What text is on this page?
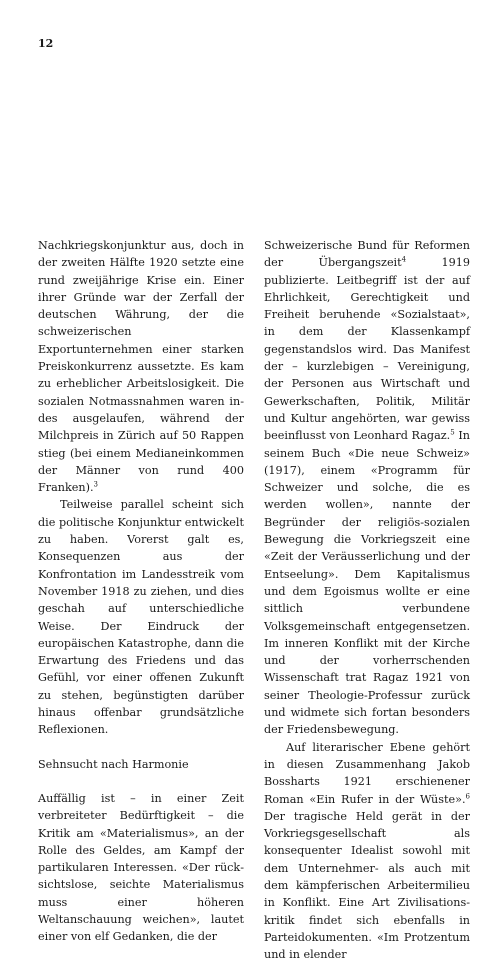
12

Nachkriegskonjunktur aus, doch in der zweiten Hälfte 1920 setzte eine rund zweijährige Krise ein. Einer ihrer Gründe war der Zerfall der deutschen Währung, der die schweizerischen Exportunternehmen einer starken Preiskonkurrenz aussetzte. Es kam zu erheblicher Arbeitslosigkeit. Die sozialen Notmassnahmen waren indes ausgelaufen, während der Milchpreis in Zürich auf 50 Rappen stieg (bei einem Medianeinkommen der Männer von rund 400 Franken).$^3$

Teilweise parallel scheint sich die politische Konjunktur entwickelt zu haben. Vorerst galt es, Konsequenzen aus der Konfrontation im Landesstreik vom November 1918 zu ziehen, und dies geschah auf unterschiedliche Weise. Der Eindruck der europäischen Katastrophe, dann die Erwartung des Friedens und das Gefühl, vor einer offenen Zukunft zu stehen, begünstigten darüber hinaus offenbar grundsätzliche Reflexionen.

Sehnsucht nach Harmonie

Auffällig ist – in einer Zeit verbreiteter Bedürftigkeit – die Kritik am «Materialismus», an der Rolle des Geldes, am Kampf der partikularen Interessen. «Der rücksichtslose, seichte Materialismus muss einer höheren Weltanschauung weichen», lautet einer von elf Gedanken, die der

Schweizerische Bund für Reformen der Übergangszeit$^4$ 1919 publizierte. Leitbegriff ist der auf Ehrlichkeit, Gerechtigkeit und Freiheit beruhende «Sozialstaat», in dem der Klassenkampf gegenstandslos wird. Das Manifest der – kurzlebigen – Vereinigung, der Personen aus Wirtschaft und Gewerkschaften, Politik, Militär und Kultur angehörten, war gewiss beeinflusst von Leonhard Ragaz.$^5$ In seinem Buch «Die neue Schweiz» (1917), einem «Programm für Schweizer und solche, die es werden wollen», nannte der Begründer der religiös-sozialen Bewegung die Vorkriegszeit eine «Zeit der Veräusserlichung und der Entseelung». Dem Kapitalismus und dem Egoismus wollte er eine sittlich verbundene Volksgemeinschaft entgegensetzen. Im inneren Konflikt mit der Kirche und der vorherrschenden Wissenschaft trat Ragaz 1921 von seiner Theologie-Professur zurück und widmete sich fortan besonders der Friedensbewegung.

Auf literarischer Ebene gehört in diesen Zusammenhang Jakob Bossharts 1921 erschienener Roman «Ein Rufer in der Wüste».$^6$ Der tragische Held gerät in der Vorkriegsgesellschaft als konsequenter Idealist sowohl mit dem Unternehmer- als auch mit dem kämpferischen Arbeitermilieu in Konflikt. Eine Art Zivilisationskritik findet sich ebenfalls in Parteidokumenten. «Im Protzentum und in elender
